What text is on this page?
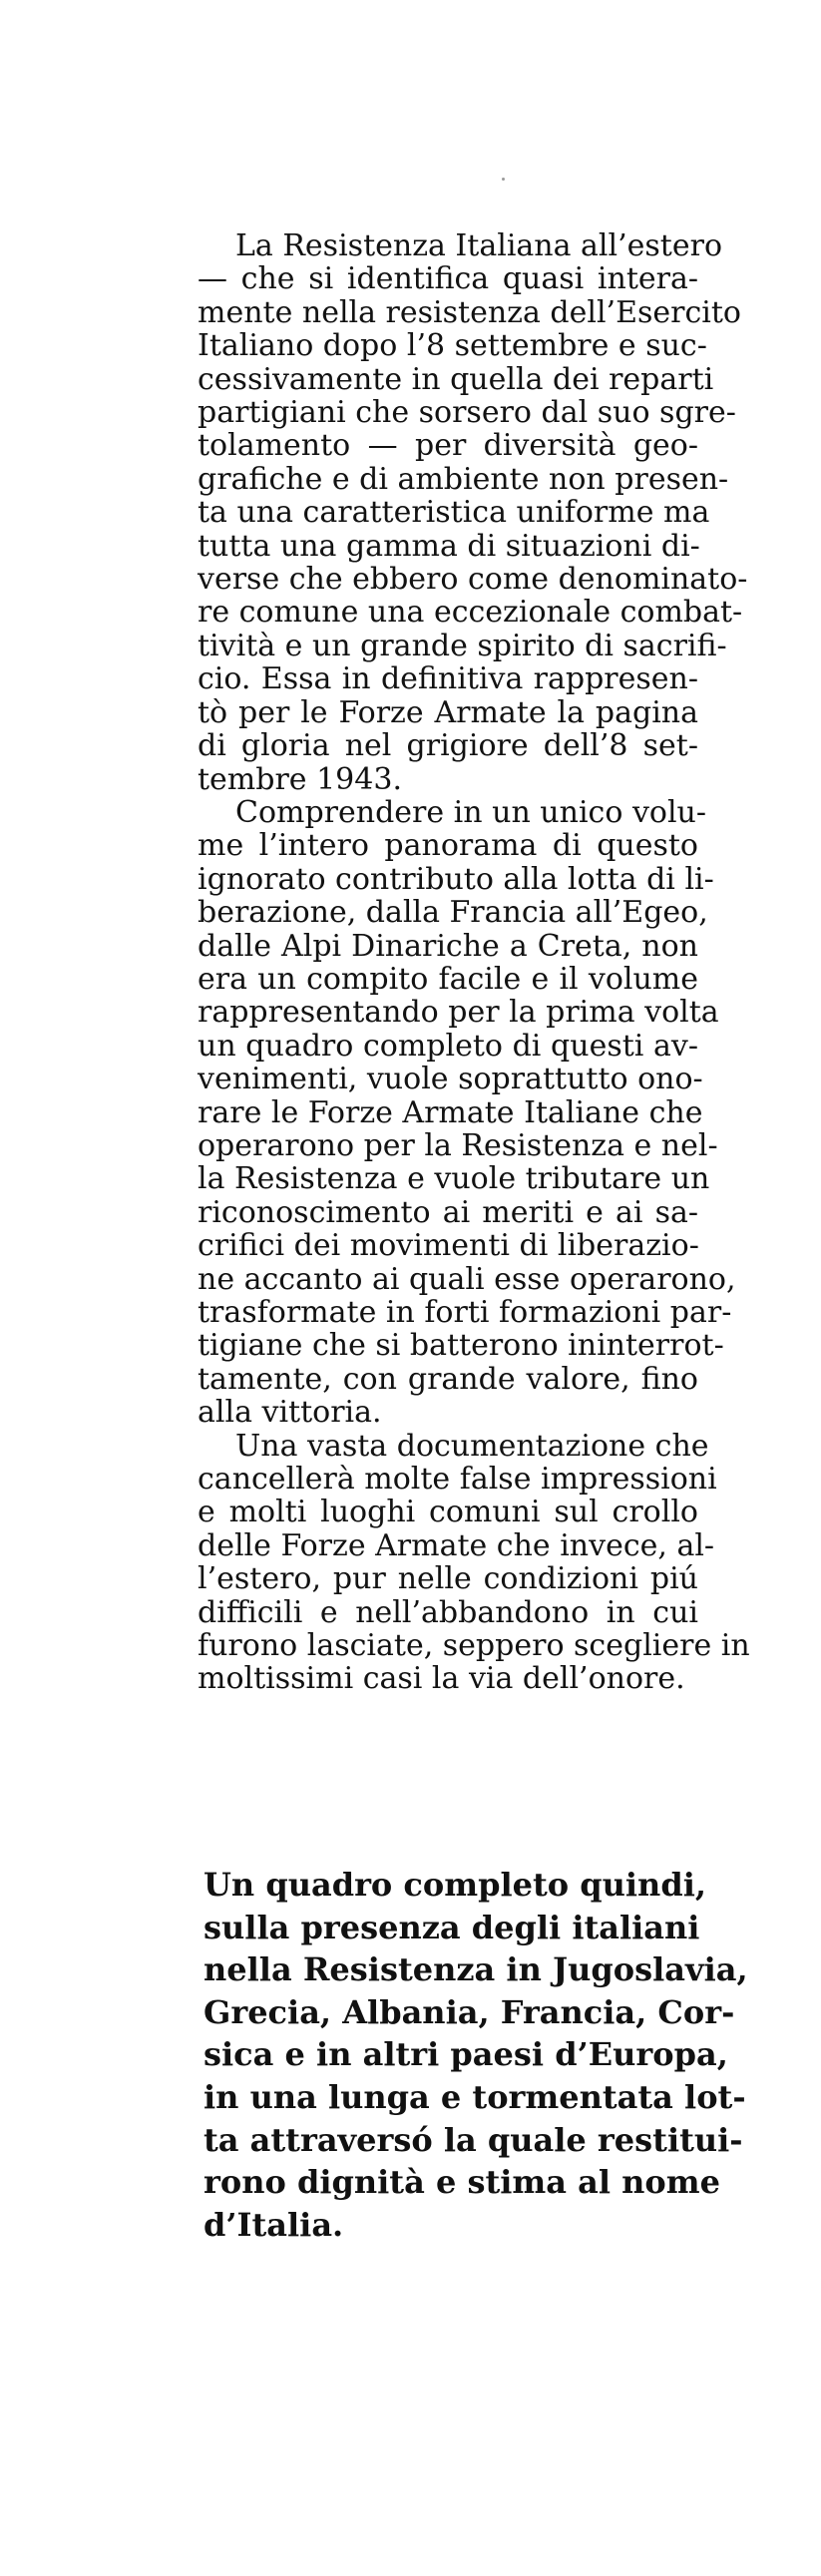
La Resistenza Italiana all’estero
— che si identifica quasi intera-
mente nella resistenza dell’Esercito
Italiano dopo l’8 settembre e suc-
cessivamente in quella dei reparti
partigiani che sorsero dal suo sgre-
tolamento — per diversità geo-
grafiche e di ambiente non presen-
ta una caratteristica uniforme ma
tutta una gamma di situazioni di-
verse che ebbero come denominato-
re comune una eccezionale combat-
tività e un grande spirito di sacrifi-
cio. Essa in definitiva rappresen-
tò per le Forze Armate la pagina
di gloria nel grigiore dell’8 set-
tembre 1943.

Comprendere in un unico volu-
me l’intero panorama di questo
ignorato contributo alla lotta di li-
berazione, dalla Francia all’Egeo,
dalle Alpi Dinariche a Creta, non
era un compito facile e il volume
rappresentando per la prima volta
un quadro completo di questi av-
venimenti, vuole soprattutto ono-
rare le Forze Armate Italiane che
operarono per la Resistenza e nel-
la Resistenza e vuole tributare un
riconoscimento ai meriti e ai sa-
crifici dei movimenti di liberazio-
ne accanto ai quali esse operarono,
trasformate in forti formazioni par-
tigiane che si batterono ininterrot-
tamente, con grande valore, fino
alla vittoria.

Una vasta documentazione che
cancellerà molte false impressioni
e molti luoghi comuni sul crollo
delle Forze Armate che invece, al-
l’estero, pur nelle condizioni piú
difficili e nell’abbandono in cui
furono lasciate, seppero scegliere in
moltissimi casi la via dell’onore.

Un quadro completo quindi,
sulla presenza degli italiani
nella Resistenza in Jugoslavia,
Grecia, Albania, Francia, Cor-
sica e in altri paesi d’Europa,
in una lunga e tormentata lot-
ta attraversó la quale restitui-
rono dignità e stima al nome
d’Italia.
